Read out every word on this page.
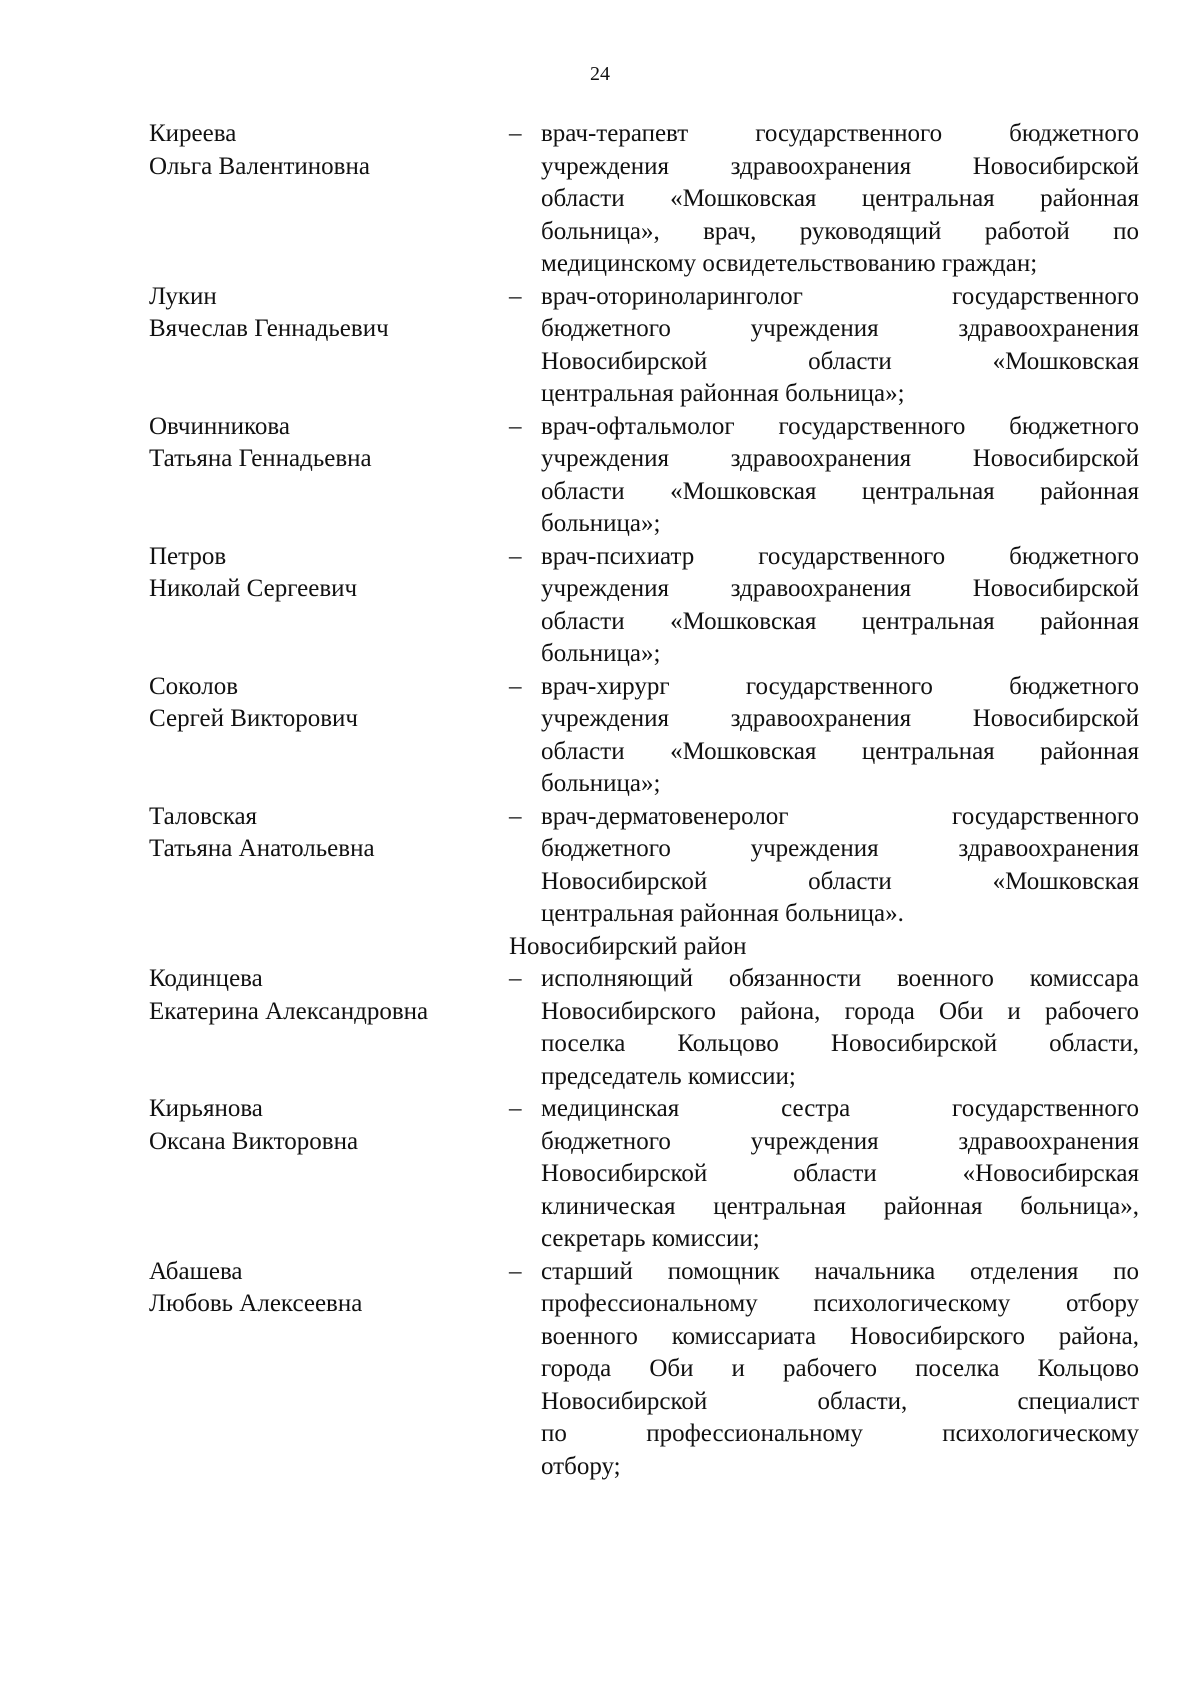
24
Киреева
Ольга Валентиновна
– врач-терапевт государственного бюджетного
учреждения здравоохранения Новосибирской
области «Мошковская центральная районная
больница», врач, руководящий работой по
медицинскому освидетельствованию граждан;
Лукин
Вячеслав Геннадьевич
– врач-оториноларинголог государственного
бюджетного учреждения здравоохранения
Новосибирской области «Мошковская
центральная районная больница»;
Овчинникова
Татьяна Геннадьевна
– врач-офтальмолог государственного бюджетного
учреждения здравоохранения Новосибирской
области «Мошковская центральная районная
больница»;
Петров
Николай Сергеевич
– врач-психиатр государственного бюджетного
учреждения здравоохранения Новосибирской
области «Мошковская центральная районная
больница»;
Соколов
Сергей Викторович
– врач-хирург государственного бюджетного
учреждения здравоохранения Новосибирской
области «Мошковская центральная районная
больница»;
Таловская
Татьяна Анатольевна
– врач-дерматовенеролог государственного
бюджетного учреждения здравоохранения
Новосибирской области «Мошковская
центральная районная больница».
Новосибирский район
Кодинцева
Екатерина Александровна
– исполняющий обязанности военного комиссара
Новосибирского района, города Оби и рабочего
поселка Кольцово Новосибирской области,
председатель комиссии;
Кирьянова
Оксана Викторовна
– медицинская сестра государственного
бюджетного учреждения здравоохранения
Новосибирской области «Новосибирская
клиническая центральная районная больница»,
секретарь комиссии;
Абашева
Любовь Алексеевна
– старший помощник начальника отделения по
профессиональному психологическому отбору
военного комиссариата Новосибирского района,
города Оби и рабочего поселка Кольцово
Новосибирской области, специалист
по профессиональному психологическому
отбору;
